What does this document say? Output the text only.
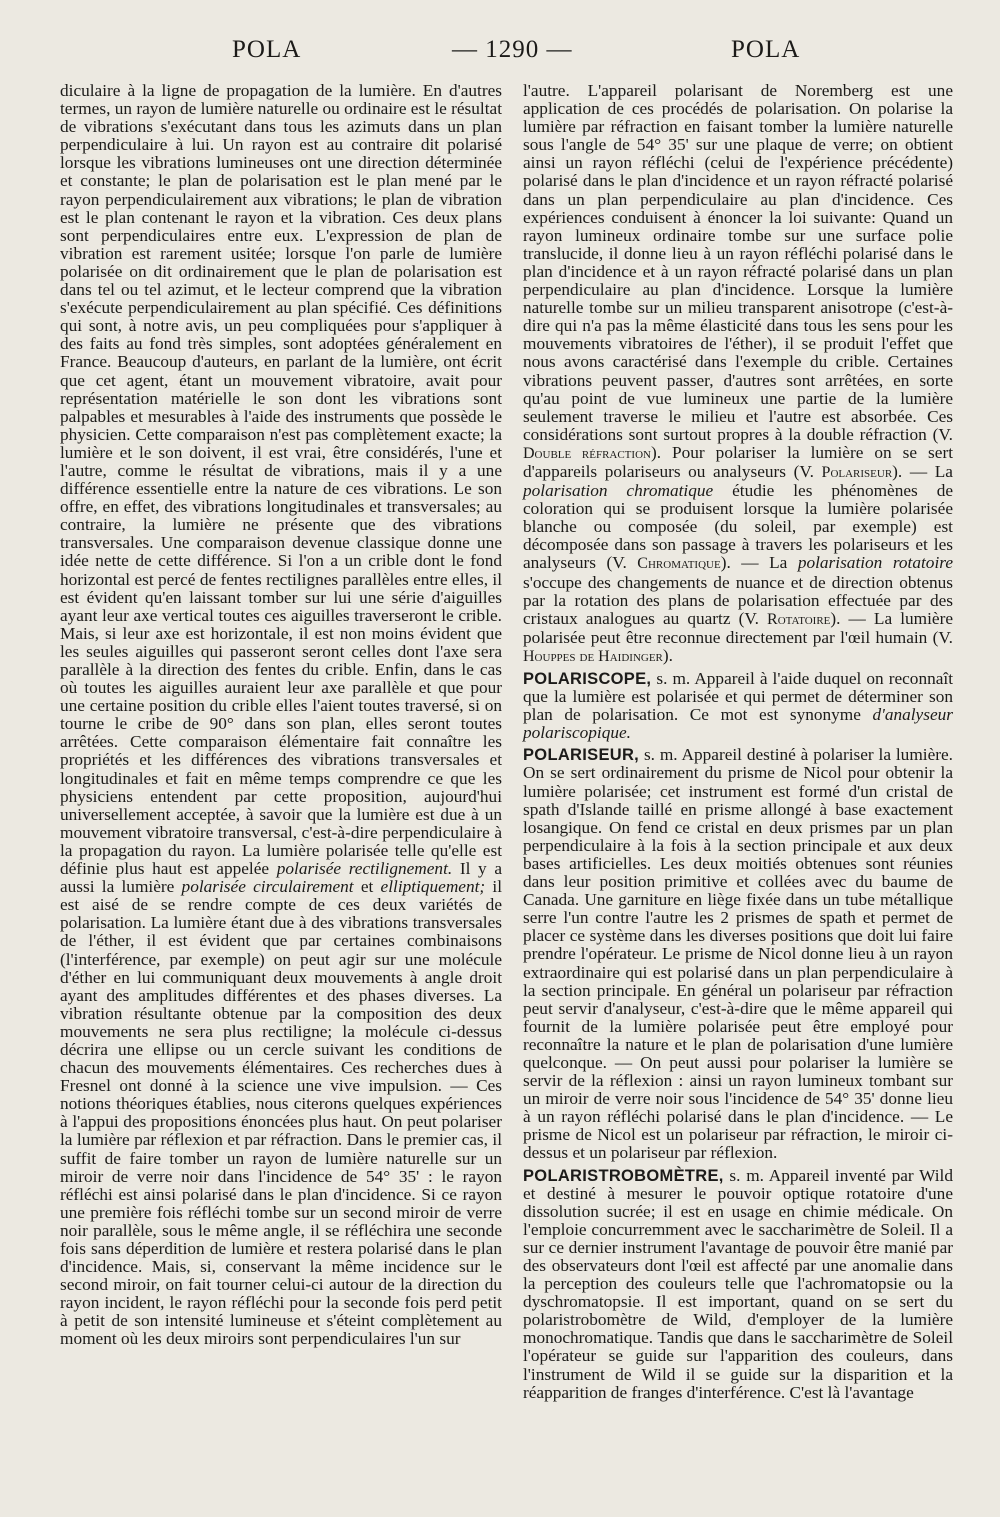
POLA	— 1290 —	POLA

diculaire à la ligne de propagation de la lumière. En d'autres termes, un rayon de lumière naturelle ou ordinaire est le résultat de vibrations s'exécutant dans tous les azimuts dans un plan perpendiculaire à lui. Un rayon est au contraire dit polarisé lorsque les vibrations lumineuses ont une direction déterminée et constante; le plan de polarisation est le plan mené par le rayon perpendiculairement aux vibrations; le plan de vibration est le plan contenant le rayon et la vibration. Ces deux plans sont perpendiculaires entre eux. L'expression de plan de vibration est rarement usitée; lorsque l'on parle de lumière polarisée on dit ordinairement que le plan de polarisation est dans tel ou tel azimut, et le lecteur comprend que la vibration s'exécute perpendiculairement au plan spécifié. Ces définitions qui sont, à notre avis, un peu compliquées pour s'appliquer à des faits au fond très simples, sont adoptées généralement en France. Beaucoup d'auteurs, en parlant de la lumière, ont écrit que cet agent, étant un mouvement vibratoire, avait pour représentation matérielle le son dont les vibrations sont palpables et mesurables à l'aide des instruments que possède le physicien. Cette comparaison n'est pas complètement exacte; la lumière et le son doivent, il est vrai, être considérés, l'une et l'autre, comme le résultat de vibrations, mais il y a une différence essentielle entre la nature de ces vibrations. Le son offre, en effet, des vibrations longitudinales et transversales; au contraire, la lumière ne présente que des vibrations transversales. Une comparaison devenue classique donne une idée nette de cette différence. Si l'on a un crible dont le fond horizontal est percé de fentes rectilignes parallèles entre elles, il est évident qu'en laissant tomber sur lui une série d'aiguilles ayant leur axe vertical toutes ces aiguilles traverseront le crible. Mais, si leur axe est horizontale, il est non moins évident que les seules aiguilles qui passeront seront celles dont l'axe sera parallèle à la direction des fentes du crible. Enfin, dans le cas où toutes les aiguilles auraient leur axe parallèle et que pour une certaine position du crible elles l'aient toutes traversé, si on tourne le cribe de 90° dans son plan, elles seront toutes arrêtées. Cette comparaison élémentaire fait connaître les propriétés et les différences des vibrations transversales et longitudinales et fait en même temps comprendre ce que les physiciens entendent par cette proposition, aujourd'hui universellement acceptée, à savoir que la lumière est due à un mouvement vibratoire transversal, c'est-à-dire perpendiculaire à la propagation du rayon. La lumière polarisée telle qu'elle est définie plus haut est appelée polarisée rectilignement. Il y a aussi la lumière polarisée circulairement et elliptiquement; il est aisé de se rendre compte de ces deux variétés de polarisation. La lumière étant due à des vibrations transversales de l'éther, il est évident que par certaines combinaisons (l'interférence, par exemple) on peut agir sur une molécule d'éther en lui communiquant deux mouvements à angle droit ayant des amplitudes différentes et des phases diverses. La vibration résultante obtenue par la composition des deux mouvements ne sera plus rectiligne; la molécule ci-dessus décrira une ellipse ou un cercle suivant les conditions de chacun des mouvements élémentaires. Ces recherches dues à Fresnel ont donné à la science une vive impulsion. — Ces notions théoriques établies, nous citerons quelques expériences à l'appui des propositions énoncées plus haut. On peut polariser la lumière par réflexion et par réfraction. Dans le premier cas, il suffit de faire tomber un rayon de lumière naturelle sur un miroir de verre noir dans l'incidence de 54° 35' : le rayon réfléchi est ainsi polarisé dans le plan d'incidence. Si ce rayon une première fois réfléchi tombe sur un second miroir de verre noir parallèle, sous le même angle, il se réfléchira une seconde fois sans déperdition de lumière et restera polarisé dans le plan d'incidence. Mais, si, conservant la même incidence sur le second miroir, on fait tourner celui-ci autour de la direction du rayon incident, le rayon réfléchi pour la seconde fois perd petit à petit de son intensité lumineuse et s'éteint complètement au moment où les deux miroirs sont perpendiculaires l'un sur

l'autre. L'appareil polarisant de Noremberg est une application de ces procédés de polarisation. On polarise la lumière par réfraction en faisant tomber la lumière naturelle sous l'angle de 54° 35' sur une plaque de verre; on obtient ainsi un rayon réfléchi (celui de l'expérience précédente) polarisé dans le plan d'incidence et un rayon réfracté polarisé dans un plan perpendiculaire au plan d'incidence. Ces expériences conduisent à énoncer la loi suivante: Quand un rayon lumineux ordinaire tombe sur une surface polie translucide, il donne lieu à un rayon réfléchi polarisé dans le plan d'incidence et à un rayon réfracté polarisé dans un plan perpendiculaire au plan d'incidence. Lorsque la lumière naturelle tombe sur un milieu transparent anisotrope (c'est-à-dire qui n'a pas la même élasticité dans tous les sens pour les mouvements vibratoires de l'éther), il se produit l'effet que nous avons caractérisé dans l'exemple du crible. Certaines vibrations peuvent passer, d'autres sont arrêtées, en sorte qu'au point de vue lumineux une partie de la lumière seulement traverse le milieu et l'autre est absorbée. Ces considérations sont surtout propres à la double réfraction (V. Double réfraction). Pour polariser la lumière on se sert d'appareils polariseurs ou analyseurs (V. Polariseur). — La polarisation chromatique étudie les phénomènes de coloration qui se produisent lorsque la lumière polarisée blanche ou composée (du soleil, par exemple) est décomposée dans son passage à travers les polariseurs et les analyseurs (V. Chromatique). — La polarisation rotatoire s'occupe des changements de nuance et de direction obtenus par la rotation des plans de polarisation effectuée par des cristaux analogues au quartz (V. Rotatoire). — La lumière polarisée peut être reconnue directement par l'œil humain (V. Houppes de Haidinger).

POLARISCOPE, s. m. Appareil à l'aide duquel on reconnaît que la lumière est polarisée et qui permet de déterminer son plan de polarisation. Ce mot est synonyme d'analyseur polariscopique.

POLARISEUR, s. m. Appareil destiné à polariser la lumière. On se sert ordinairement du prisme de Nicol pour obtenir la lumière polarisée; cet instrument est formé d'un cristal de spath d'Islande taillé en prisme allongé à base exactement losangique. On fend ce cristal en deux prismes par un plan perpendiculaire à la fois à la section principale et aux deux bases artificielles. Les deux moitiés obtenues sont réunies dans leur position primitive et collées avec du baume de Canada. Une garniture en liège fixée dans un tube métallique serre l'un contre l'autre les 2 prismes de spath et permet de placer ce système dans les diverses positions que doit lui faire prendre l'opérateur. Le prisme de Nicol donne lieu à un rayon extraordinaire qui est polarisé dans un plan perpendiculaire à la section principale. En général un polariseur par réfraction peut servir d'analyseur, c'est-à-dire que le même appareil qui fournit de la lumière polarisée peut être employé pour reconnaître la nature et le plan de polarisation d'une lumière quelconque. — On peut aussi pour polariser la lumière se servir de la réflexion : ainsi un rayon lumineux tombant sur un miroir de verre noir sous l'incidence de 54° 35' donne lieu à un rayon réfléchi polarisé dans le plan d'incidence. — Le prisme de Nicol est un polariseur par réfraction, le miroir ci-dessus et un polariseur par réflexion.

POLARISTROBOMÈTRE, s. m. Appareil inventé par Wild et destiné à mesurer le pouvoir optique rotatoire d'une dissolution sucrée; il est en usage en chimie médicale. On l'emploie concurremment avec le saccharimètre de Soleil. Il a sur ce dernier instrument l'avantage de pouvoir être manié par des observateurs dont l'œil est affecté par une anomalie dans la perception des couleurs telle que l'achromatopsie ou la dyschromatopsie. Il est important, quand on se sert du polaristrobomètre de Wild, d'employer de la lumière monochromatique. Tandis que dans le saccharimètre de Soleil l'opérateur se guide sur l'apparition des couleurs, dans l'instrument de Wild il se guide sur la disparition et la réapparition de franges d'interférence. C'est là l'avantage
